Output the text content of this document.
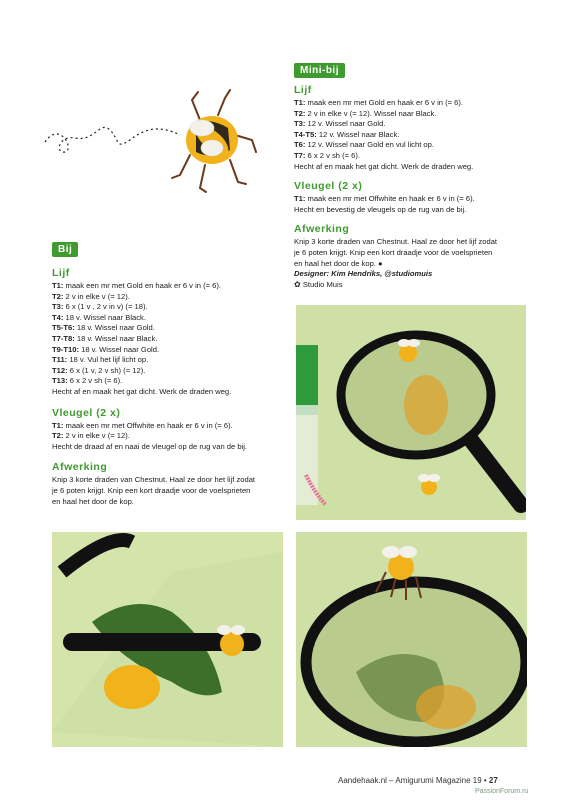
Mini-bij
Lijf
T1: maak een mr met Gold en haak er 6 v in (= 6).
T2: 2 v in elke v (= 12). Wissel naar Black.
T3: 12 v. Wissel naar Gold.
T4-T5: 12 v. Wissel naar Black.
T6: 12 v. Wissel naar Gold en vul licht op.
T7: 6 x 2 v sh (= 6).
Hecht af en maak het gat dicht. Werk de draden weg.
Vleugel (2 x)
T1: maak een mr met Offwhite en haak er 6 v in (= 6).
Hecht en bevestig de vleugels op de rug van de bij.
Afwerking
Knip 3 korte draden van Chestnut. Haal ze door het lijf zodat
je 6 poten krijgt. Knip een kort draadje voor de voelsprieten
en haal het door de kop. ●
Designer: Kim Hendriks, @studiomuis
✿ Studio Muis
Bij
Lijf
T1: maak een mr met Gold en haak er 6 v in (= 6).
T2: 2 v in elke v (= 12).
T3: 6 x (1 v , 2 v in v) (= 18).
T4: 18 v. Wissel naar Black.
T5-T6: 18 v. Wissel naar Gold.
T7-T8: 18 v. Wissel naar Black.
T9-T10: 18 v. Wissel naar Gold.
T11: 18 v. Vul het lijf licht op.
T12: 6 x (1 v, 2 v sh) (= 12).
T13: 6 x 2 v sh (= 6).
Hecht af en maak het gat dicht. Werk de draden weg.
Vleugel (2 x)
T1: maak een mr met Offwhite en haak er 6 v in (= 6).
T2: 2 v in elke v (= 12).
Hecht de draad af en naai de vleugel op de rug van de bij.
Afwerking
Knip 3 korte draden van Chestnut. Haal ze door het lijf zodat
je 6 poten krijgt. Knip een kort draadje voor de voelsprieten
en haal het door de kop.
Aandehaak.nl – Amigurumi Magazine 19 • 27
PassionForum.ru
